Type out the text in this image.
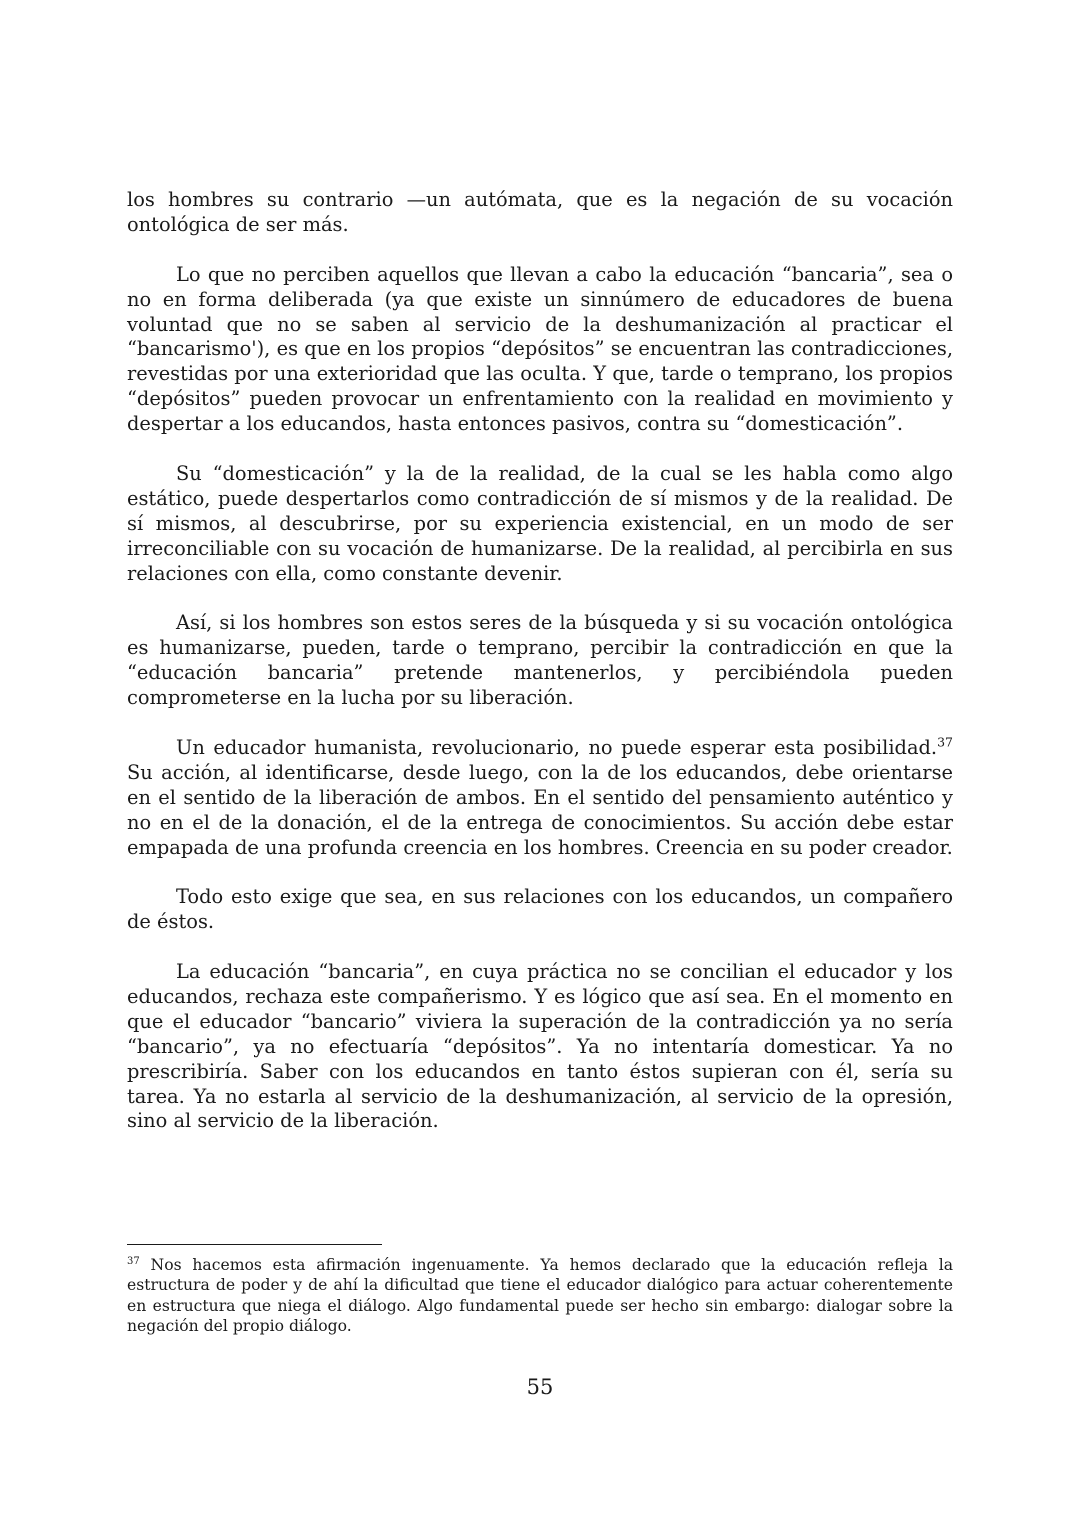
los hombres su contrario —un autómata, que es la negación de su vocación ontológica de ser más.

Lo que no perciben aquellos que llevan a cabo la educación “bancaria”, sea o no en forma deliberada (ya que existe un sinnúmero de educadores de buena voluntad que no se saben al servicio de la deshumanización al practicar el “bancarismo'), es que en los propios “depósitos” se encuentran las contradicciones, revestidas por una exterioridad que las oculta. Y que, tarde o temprano, los propios “depósitos” pueden provocar un enfrentamiento con la realidad en movimiento y despertar a los educandos, hasta entonces pasivos, contra su “domesticación”.

Su “domesticación” y la de la realidad, de la cual se les habla como algo estático, puede despertarlos como contradicción de sí mismos y de la realidad. De sí mismos, al descubrirse, por su experiencia existencial, en un modo de ser irreconciliable con su vocación de humanizarse. De la realidad, al percibirla en sus relaciones con ella, como constante devenir.

Así, si los hombres son estos seres de la búsqueda y si su vocación ontológica es humanizarse, pueden, tarde o temprano, percibir la contradicción en que la “educación bancaria” pretende mantenerlos, y percibiéndola pueden comprometerse en la lucha por su liberación.

Un educador humanista, revolucionario, no puede esperar esta posibilidad.$^{37}$ Su acción, al identificarse, desde luego, con la de los educandos, debe orientarse en el sentido de la liberación de ambos. En el sentido del pensamiento auténtico y no en el de la donación, el de la entrega de conocimientos. Su acción debe estar empapada de una profunda creencia en los hombres. Creencia en su poder creador.

Todo esto exige que sea, en sus relaciones con los educandos, un compañero de éstos.

La educación “bancaria”, en cuya práctica no se concilian el educador y los educandos, rechaza este compañerismo. Y es lógico que así sea. En el momento en que el educador “bancario” viviera la superación de la contradicción ya no sería “bancario”, ya no efectuaría “depósitos”. Ya no intentaría domesticar. Ya no prescribiría. Saber con los educandos en tanto éstos supieran con él, sería su tarea. Ya no estarla al servicio de la deshumanización, al servicio de la opresión, sino al servicio de la liberación.

$^{37}$ Nos hacemos esta afirmación ingenuamente. Ya hemos declarado que la educación refleja la estructura de poder y de ahí la dificultad que tiene el educador dialógico para actuar coherentemente en estructura que niega el diálogo. Algo fundamental puede ser hecho sin embargo: dialogar sobre la negación del propio diálogo.

55
